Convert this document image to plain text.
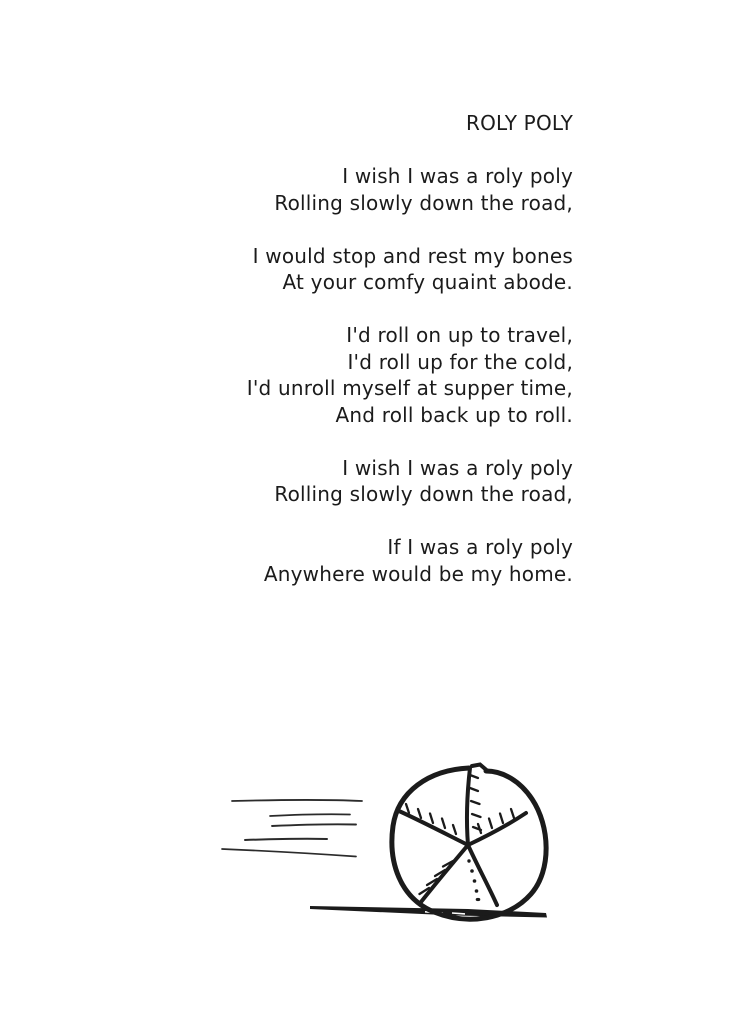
ROLY POLY
I wish I was a roly poly
Rolling slowly down the road,
I would stop and rest my bones
At your comfy quaint abode.
I'd roll on up to travel,
I'd roll up for the cold,
I'd unroll myself at supper time,
And roll back up to roll.
I wish I was a roly poly
Rolling slowly down the road,
If I was a roly poly
Anywhere would be my home.
